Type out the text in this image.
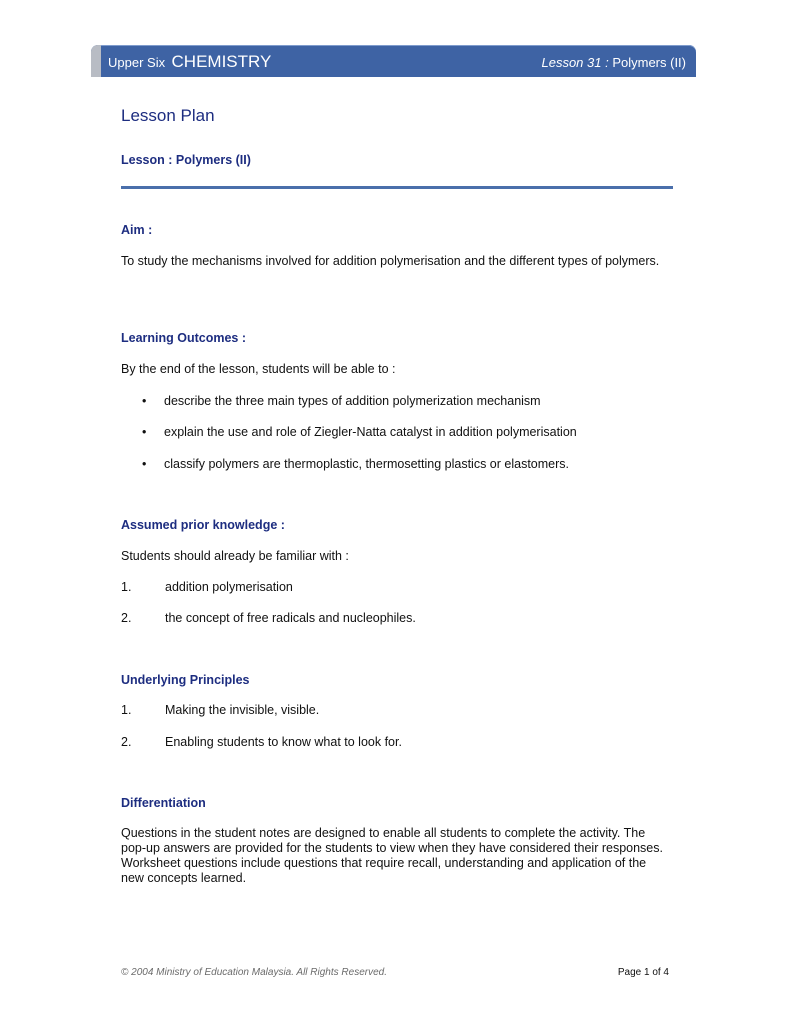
Upper Six CHEMISTRY	Lesson 31 : Polymers (II)
Lesson Plan
Lesson : Polymers (II)
Aim :
To study the mechanisms involved for addition polymerisation and the different types of polymers.
Learning Outcomes :
By the end of the lesson, students will be able to :
• describe the three main types of addition polymerization mechanism
• explain the use and role of Ziegler-Natta catalyst in addition polymerisation
• classify polymers are thermoplastic, thermosetting plastics or elastomers.
Assumed prior knowledge :
Students should already be familiar with :
1.	addition polymerisation
2.	the concept of free radicals and nucleophiles.
Underlying Principles
1.	Making the invisible, visible.
2.	Enabling students to know what to look for.
Differentiation
Questions in the student notes are designed to enable all students to complete the activity. The pop-up answers are provided for the students to view when they have considered their responses. Worksheet questions include questions that require recall, understanding and application of the new concepts learned.
© 2004 Ministry of Education Malaysia. All Rights Reserved.	Page 1 of 4
